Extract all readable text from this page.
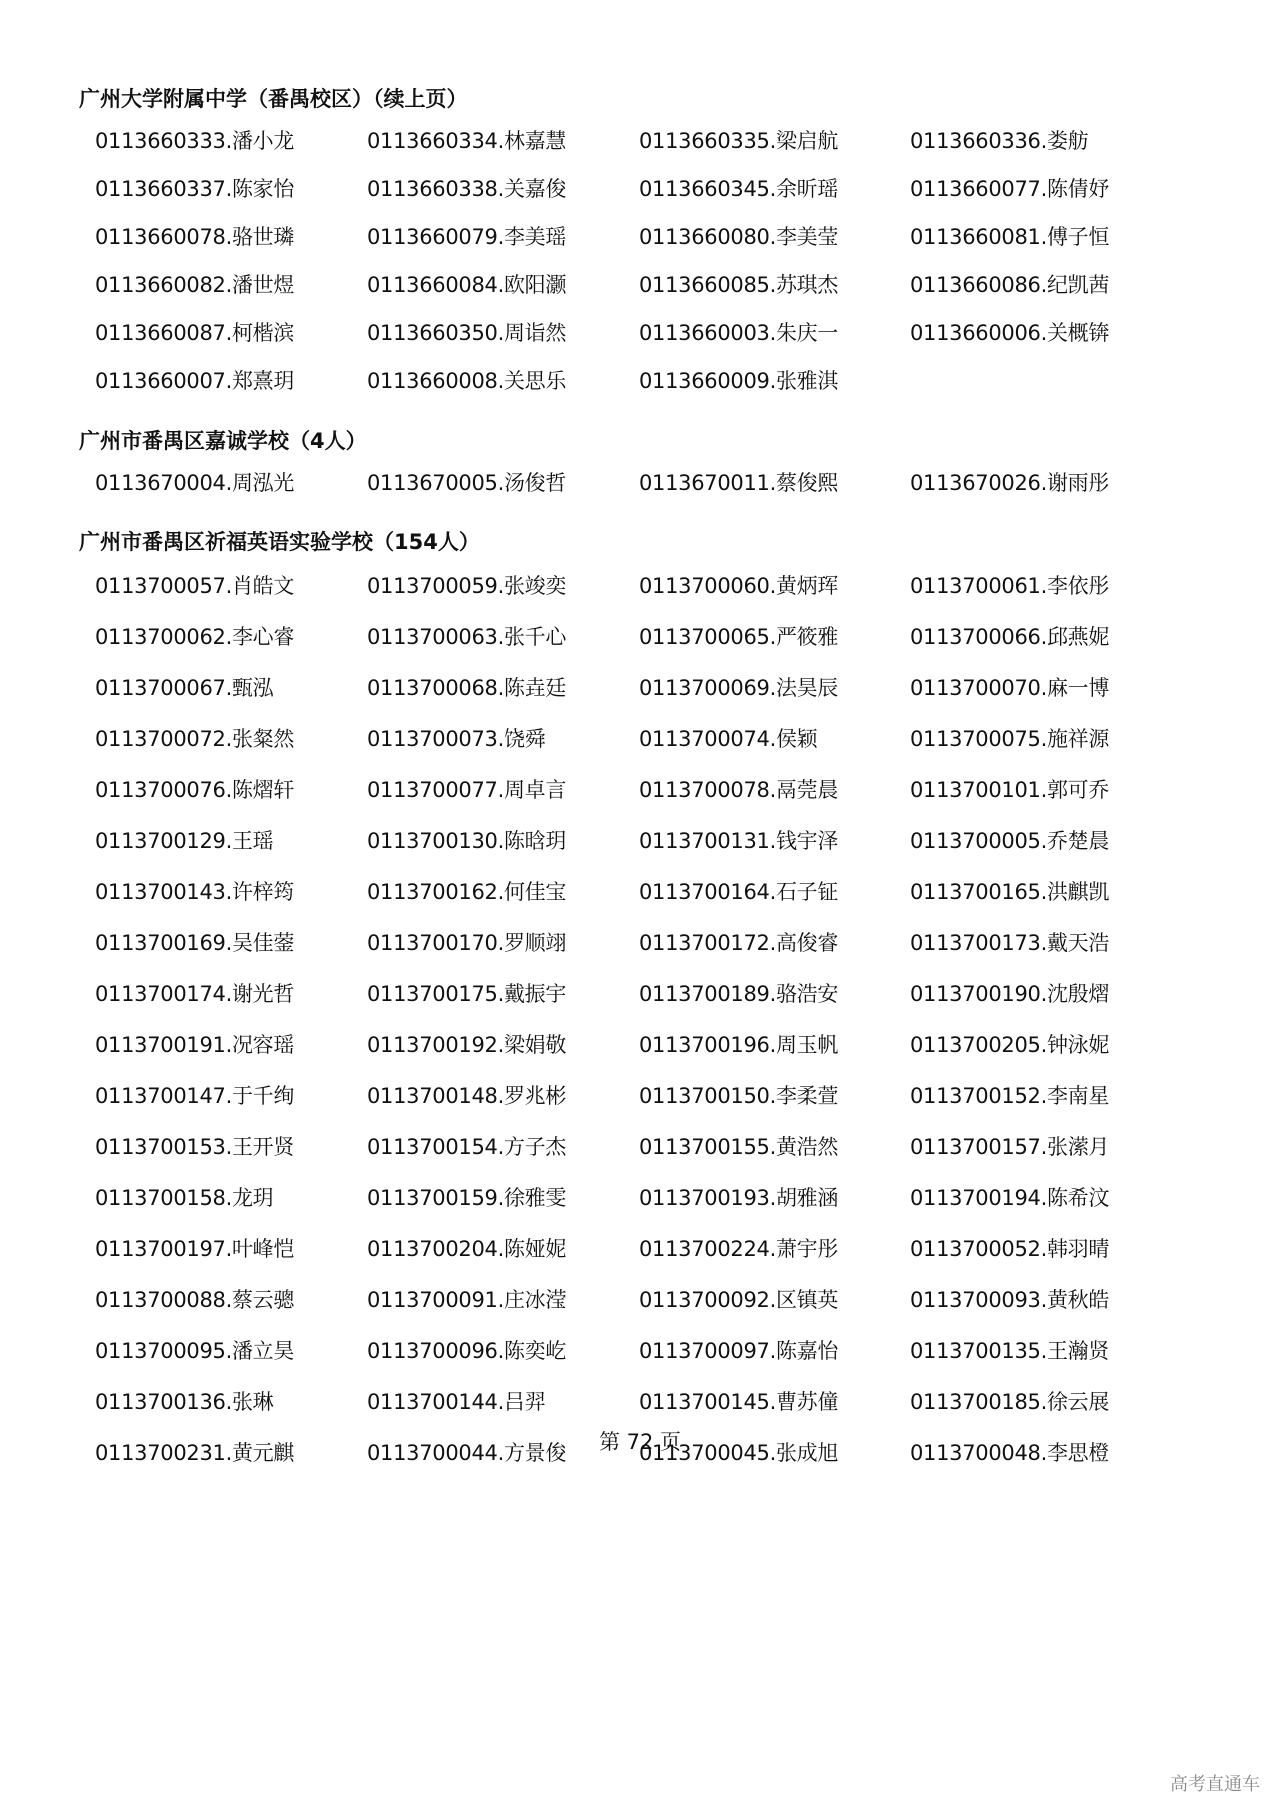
广州大学附属中学（番禺校区）（续上页）
0113660333.潘小龙	0113660334.林嘉慧	0113660335.梁启航	0113660336.娄舫
0113660337.陈家怡	0113660338.关嘉俊	0113660345.余昕瑶	0113660077.陈倩妤
0113660078.骆世璘	0113660079.李美瑶	0113660080.李美莹	0113660081.傅子恒
0113660082.潘世煜	0113660084.欧阳灏	0113660085.苏琪杰	0113660086.纪凯茜
0113660087.柯楷滨	0113660350.周诣然	0113660003.朱庆一	0113660006.关概锛
0113660007.郑熹玥	0113660008.关思乐	0113660009.张雅淇
广州市番禺区嘉诚学校（4人）
0113670004.周泓光	0113670005.汤俊哲	0113670011.蔡俊熙	0113670026.谢雨彤
广州市番禺区祈福英语实验学校（154人）
0113700057.肖皓文	0113700059.张竣奕	0113700060.黄炳珲	0113700061.李依彤
0113700062.李心睿	0113700063.张千心	0113700065.严筱雅	0113700066.邱燕妮
0113700067.甄泓	0113700068.陈垚廷	0113700069.法昊辰	0113700070.麻一博
0113700072.张粲然	0113700073.饶舜	0113700074.侯颖	0113700075.施祥源
0113700076.陈熠轩	0113700077.周卓言	0113700078.鬲莞晨	0113700101.郭可乔
0113700129.王瑶	0113700130.陈晗玥	0113700131.钱宇泽	0113700005.乔楚晨
0113700143.许梓筠	0113700162.何佳宝	0113700164.石子钲	0113700165.洪麒凯
0113700169.吴佳蓥	0113700170.罗顺翊	0113700172.高俊睿	0113700173.戴天浩
0113700174.谢光哲	0113700175.戴振宇	0113700189.骆浩安	0113700190.沈殷熠
0113700191.况容瑶	0113700192.梁娟敬	0113700196.周玉帆	0113700205.钟泳妮
0113700147.于千绚	0113700148.罗兆彬	0113700150.李柔萱	0113700152.李南星
0113700153.王开贤	0113700154.方子杰	0113700155.黄浩然	0113700157.张潆月
0113700158.龙玥	0113700159.徐雅雯	0113700193.胡雅涵	0113700194.陈希汶
0113700197.叶峰恺	0113700204.陈娅妮	0113700224.萧宇彤	0113700052.韩羽晴
0113700088.蔡云骢	0113700091.庄冰滢	0113700092.区镇英	0113700093.黄秋皓
0113700095.潘立昊	0113700096.陈奕屹	0113700097.陈嘉怡	0113700135.王瀚贤
0113700136.张琳	0113700144.吕羿	0113700145.曹苏僮	0113700185.徐云展
0113700231.黄元麒	0113700044.方景俊	0113700045.张成旭	0113700048.李思橙
第 72 页
高考直通车
